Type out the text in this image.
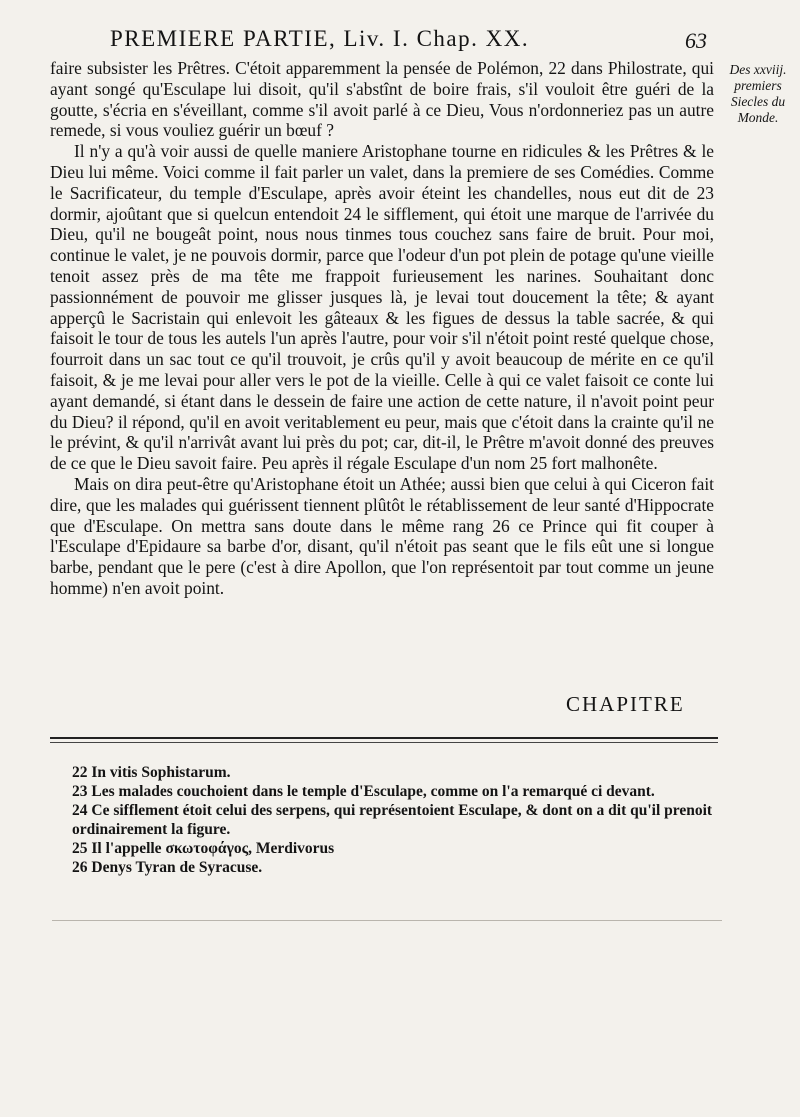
PREMIERE PARTIE, Liv. I. Chap. XX.	63
Des xxviij. premiers Siecles du Monde.

faire subsister les Prêtres. C'étoit apparemment la pensée de Polémon, 22 dans Philostrate, qui ayant songé qu'Esculape lui disoit, qu'il s'abstînt de boire frais, s'il vouloit être guéri de la goutte, s'écria en s'éveillant, comme s'il avoit parlé à ce Dieu, Vous n'ordonneriez pas un autre remede, si vous vouliez guérir un bœuf ?

Il n'y a qu'à voir aussi de quelle maniere Aristophane tourne en ridicules & les Prêtres & le Dieu lui même. Voici comme il fait parler un valet, dans la premiere de ses Comédies. Comme le Sacrificateur, du temple d'Esculape, après avoir éteint les chandelles, nous eut dit de 23 dormir, ajoûtant que si quelcun entendoit 24 le sifflement, qui étoit une marque de l'arrivée du Dieu, qu'il ne bougeât point, nous nous tinmes tous couchez sans faire de bruit. Pour moi, continue le valet, je ne pouvois dormir, parce que l'odeur d'un pot plein de potage qu'une vieille tenoit assez près de ma tête me frappoit furieusement les narines. Souhaitant donc passionnément de pouvoir me glisser jusques là, je levai tout doucement la tête; & ayant apperçû le Sacristain qui enlevoit les gâteaux & les figues de dessus la table sacrée, & qui faisoit le tour de tous les autels l'un après l'autre, pour voir s'il n'étoit point resté quelque chose, fourroit dans un sac tout ce qu'il trouvoit, je crûs qu'il y avoit beaucoup de mérite en ce qu'il faisoit, & je me levai pour aller vers le pot de la vieille. Celle à qui ce valet faisoit ce conte lui ayant demandé, si étant dans le dessein de faire une action de cette nature, il n'avoit point peur du Dieu? il répond, qu'il en avoit veritablement eu peur, mais que c'étoit dans la crainte qu'il ne le prévint, & qu'il n'arrivât avant lui près du pot; car, dit-il, le Prêtre m'avoit donné des preuves de ce que le Dieu savoit faire. Peu après il régale Esculape d'un nom 25 fort malhonête.

Mais on dira peut-être qu'Aristophane étoit un Athée; aussi bien que celui à qui Ciceron fait dire, que les malades qui guérissent tiennent plûtôt le rétablissement de leur santé d'Hippocrate que d'Esculape. On mettra sans doute dans le même rang 26 ce Prince qui fit couper à l'Esculape d'Epidaure sa barbe d'or, disant, qu'il n'étoit pas seant que le fils eût une si longue barbe, pendant que le pere (c'est à dire Apollon, que l'on représentoit par tout comme un jeune homme) n'en avoit point.

CHAPITRE

22 In vitis Sophistarum.

23 Les malades couchoient dans le temple d'Esculape, comme on l'a remarqué ci devant.

24 Ce sifflement étoit celui des serpens, qui représentoient Esculape, & dont on a dit qu'il prenoit ordinairement la figure.

25 Il l'appelle σκωτοφάγος, Merdivorus

26 Denys Tyran de Syracuse.
